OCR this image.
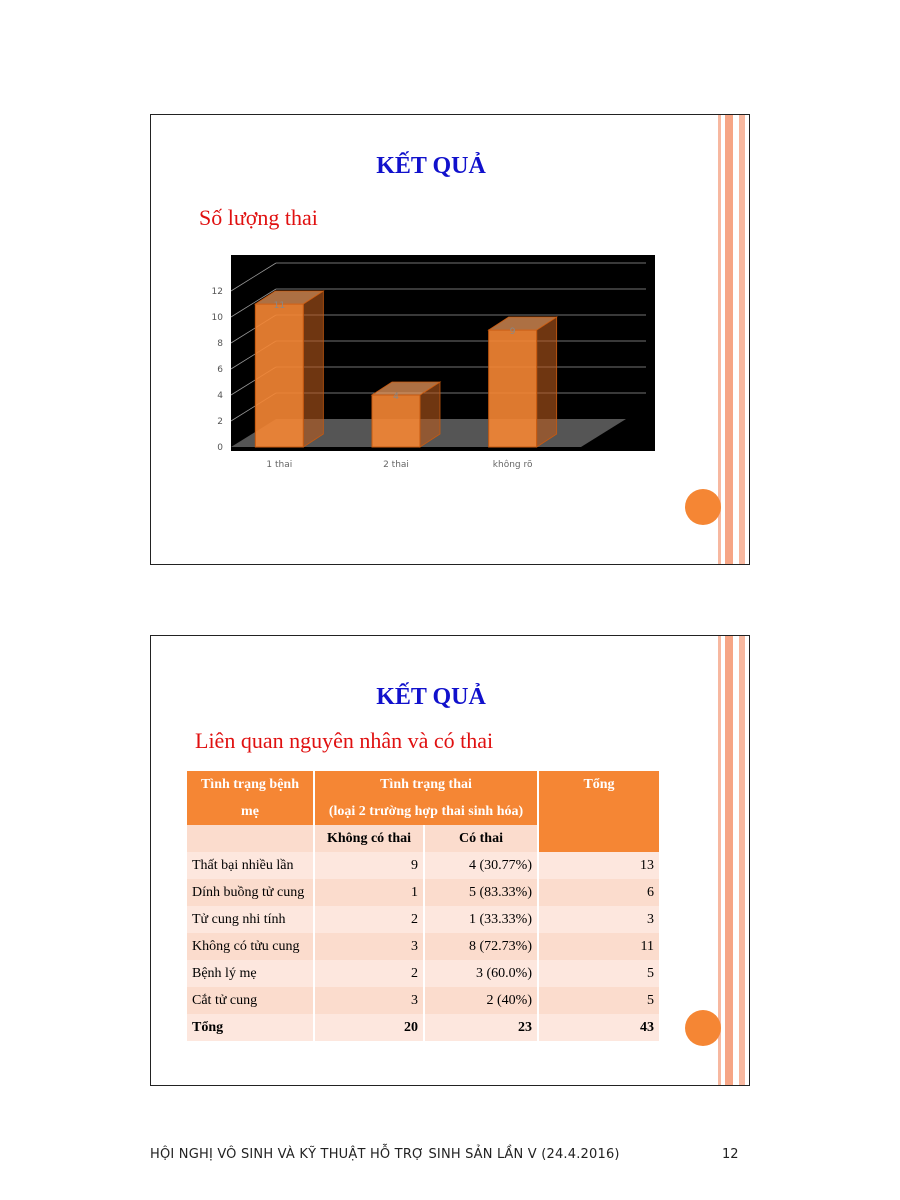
KẾT QUẢ
Số lượng thai
0
2
4
6
8
10
12
11
1 thai
4
2 thai
9
không rõ
KẾT QUẢ
Liên quan nguyên nhân và có thai
Tình trạng bệnh	Tình trạng thai		Tổng
mẹ	(loại 2 trường hợp thai sinh hóa)		
	Không có thai	Có thai	
Thất bại nhiều lần	9	4 (30.77%)	13
Dính buồng tử cung	1	5 (83.33%)	6
Tử cung nhi tính	2	1 (33.33%)	3
Không có tửu cung	3	8 (72.73%)	11
Bệnh lý mẹ	2	3 (60.0%)	5
Cắt tử cung	3	2 (40%)	5
Tổng	20	23	43
HỘI NGHỊ VÔ SINH VÀ KỸ THUẬT HỖ TRỢ SINH SẢN LẦN V (24.4.2016)	12
